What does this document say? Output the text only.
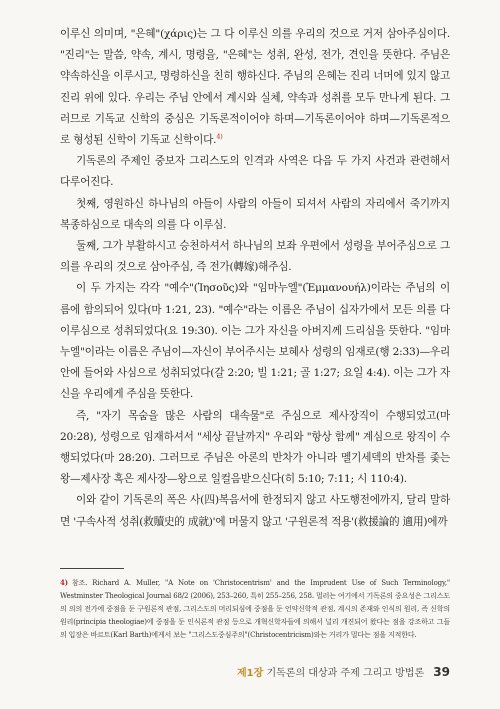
이루신 의미며, "은혜"(χάρις)는 그 다 이루신 의를 우리의 것으로 거저 삼아주심이다. "진리"는 말씀, 약속, 계시, 명령을, "은혜"는 성취, 완성, 전가, 견인을 뜻한다. 주님은 약속하신을 이루시고, 명령하신을 친히 행하신다. 주님의 은혜는 진리 너머에 있지 않고 진리 위에 있다. 우리는 주님 안에서 계시와 실체, 약속과 성취를 모두 만나게 된다. 그러므로 기독교 신학의 중심은 기독론적이어야 하며—기독론이어야 하며—기독론적으로 형성된 신학이 기독교 신학이다.$^{4)}$

기독론의 주제인 중보자 그리스도의 인격과 사역은 다음 두 가지 사건과 관련해서 다루어진다.

첫째, 영원하신 하나님의 아들이 사람의 아들이 되셔서 사람의 자리에서 죽기까지 복종하심으로 대속의 의를 다 이루심.

둘째, 그가 부활하시고 승천하셔서 하나님의 보좌 우편에서 성령을 부어주심으로 그 의를 우리의 것으로 삼아주심, 즉 전가(轉嫁)해주심.

이 두 가지는 각각 "예수"(Ἰησοῦς)와 "임마누엘"(Ἐμμανουήλ)이라는 주님의 이름에 함의되어 있다(마 1:21, 23). "예수"라는 이름은 주님이 십자가에서 모든 의를 다 이루심으로 성취되었다(요 19:30). 이는 그가 자신을 아버지께 드리심을 뜻한다. "임마누엘"이라는 이름은 주님이—자신이 부어주시는 보혜사 성령의 임재로(행 2:33)—우리 안에 들어와 사심으로 성취되었다(갈 2:20; 빌 1:21; 골 1:27; 요일 4:4). 이는 그가 자신을 우리에게 주심을 뜻한다.

즉, "자기 목숨을 많은 사람의 대속물"로 주심으로 제사장직이 수행되었고(마 20:28), 성령으로 임재하셔서 "세상 끝날까지" 우리와 "항상 함께" 계심으로 왕직이 수행되었다(마 28:20). 그러므로 주님은 아론의 반차가 아니라 멜기세덱의 반차를 좇는 왕—제사장 혹은 제사장—왕으로 일컬음받으신다(히 5:10; 7:11; 시 110:4).

이와 같이 기독론의 폭은 사(四)복음서에 한정되지 않고 사도행전에까지, 달리 말하면 '구속사적 성취(救贖史的 成就)'에 머물지 않고 '구원론적 적용'(救援論的 適用)에까

4) 참조. Richard A. Muller, "A Note on 'Christocentrism' and the Imprudent Use of Such Terminology," Westminster Theological Journal 68/2 (2006), 253–260, 특히 255–256, 258. 멀러는 여기에서 기독론의 중요성은 그리스도의 의의 전가에 중점을 둔 구원론적 관점, 그리스도의 머리되심에 중점을 둔 언약신학적 관점, 계시의 존재와 인식의 원리, 즉 신학의 원리(principia theologiae)에 중점을 둔 인식론적 관점 등으로 개혁신학자들에 의해서 널리 개진되어 왔다는 점을 강조하고 그들의 입장은 바르트(Karl Barth)에게서 보는 "그리스도중심주의"(Christocentricism)와는 거리가 멀다는 점을 지적한다.
제1장 기독론의 대상과 주제 그리고 방법론 39
